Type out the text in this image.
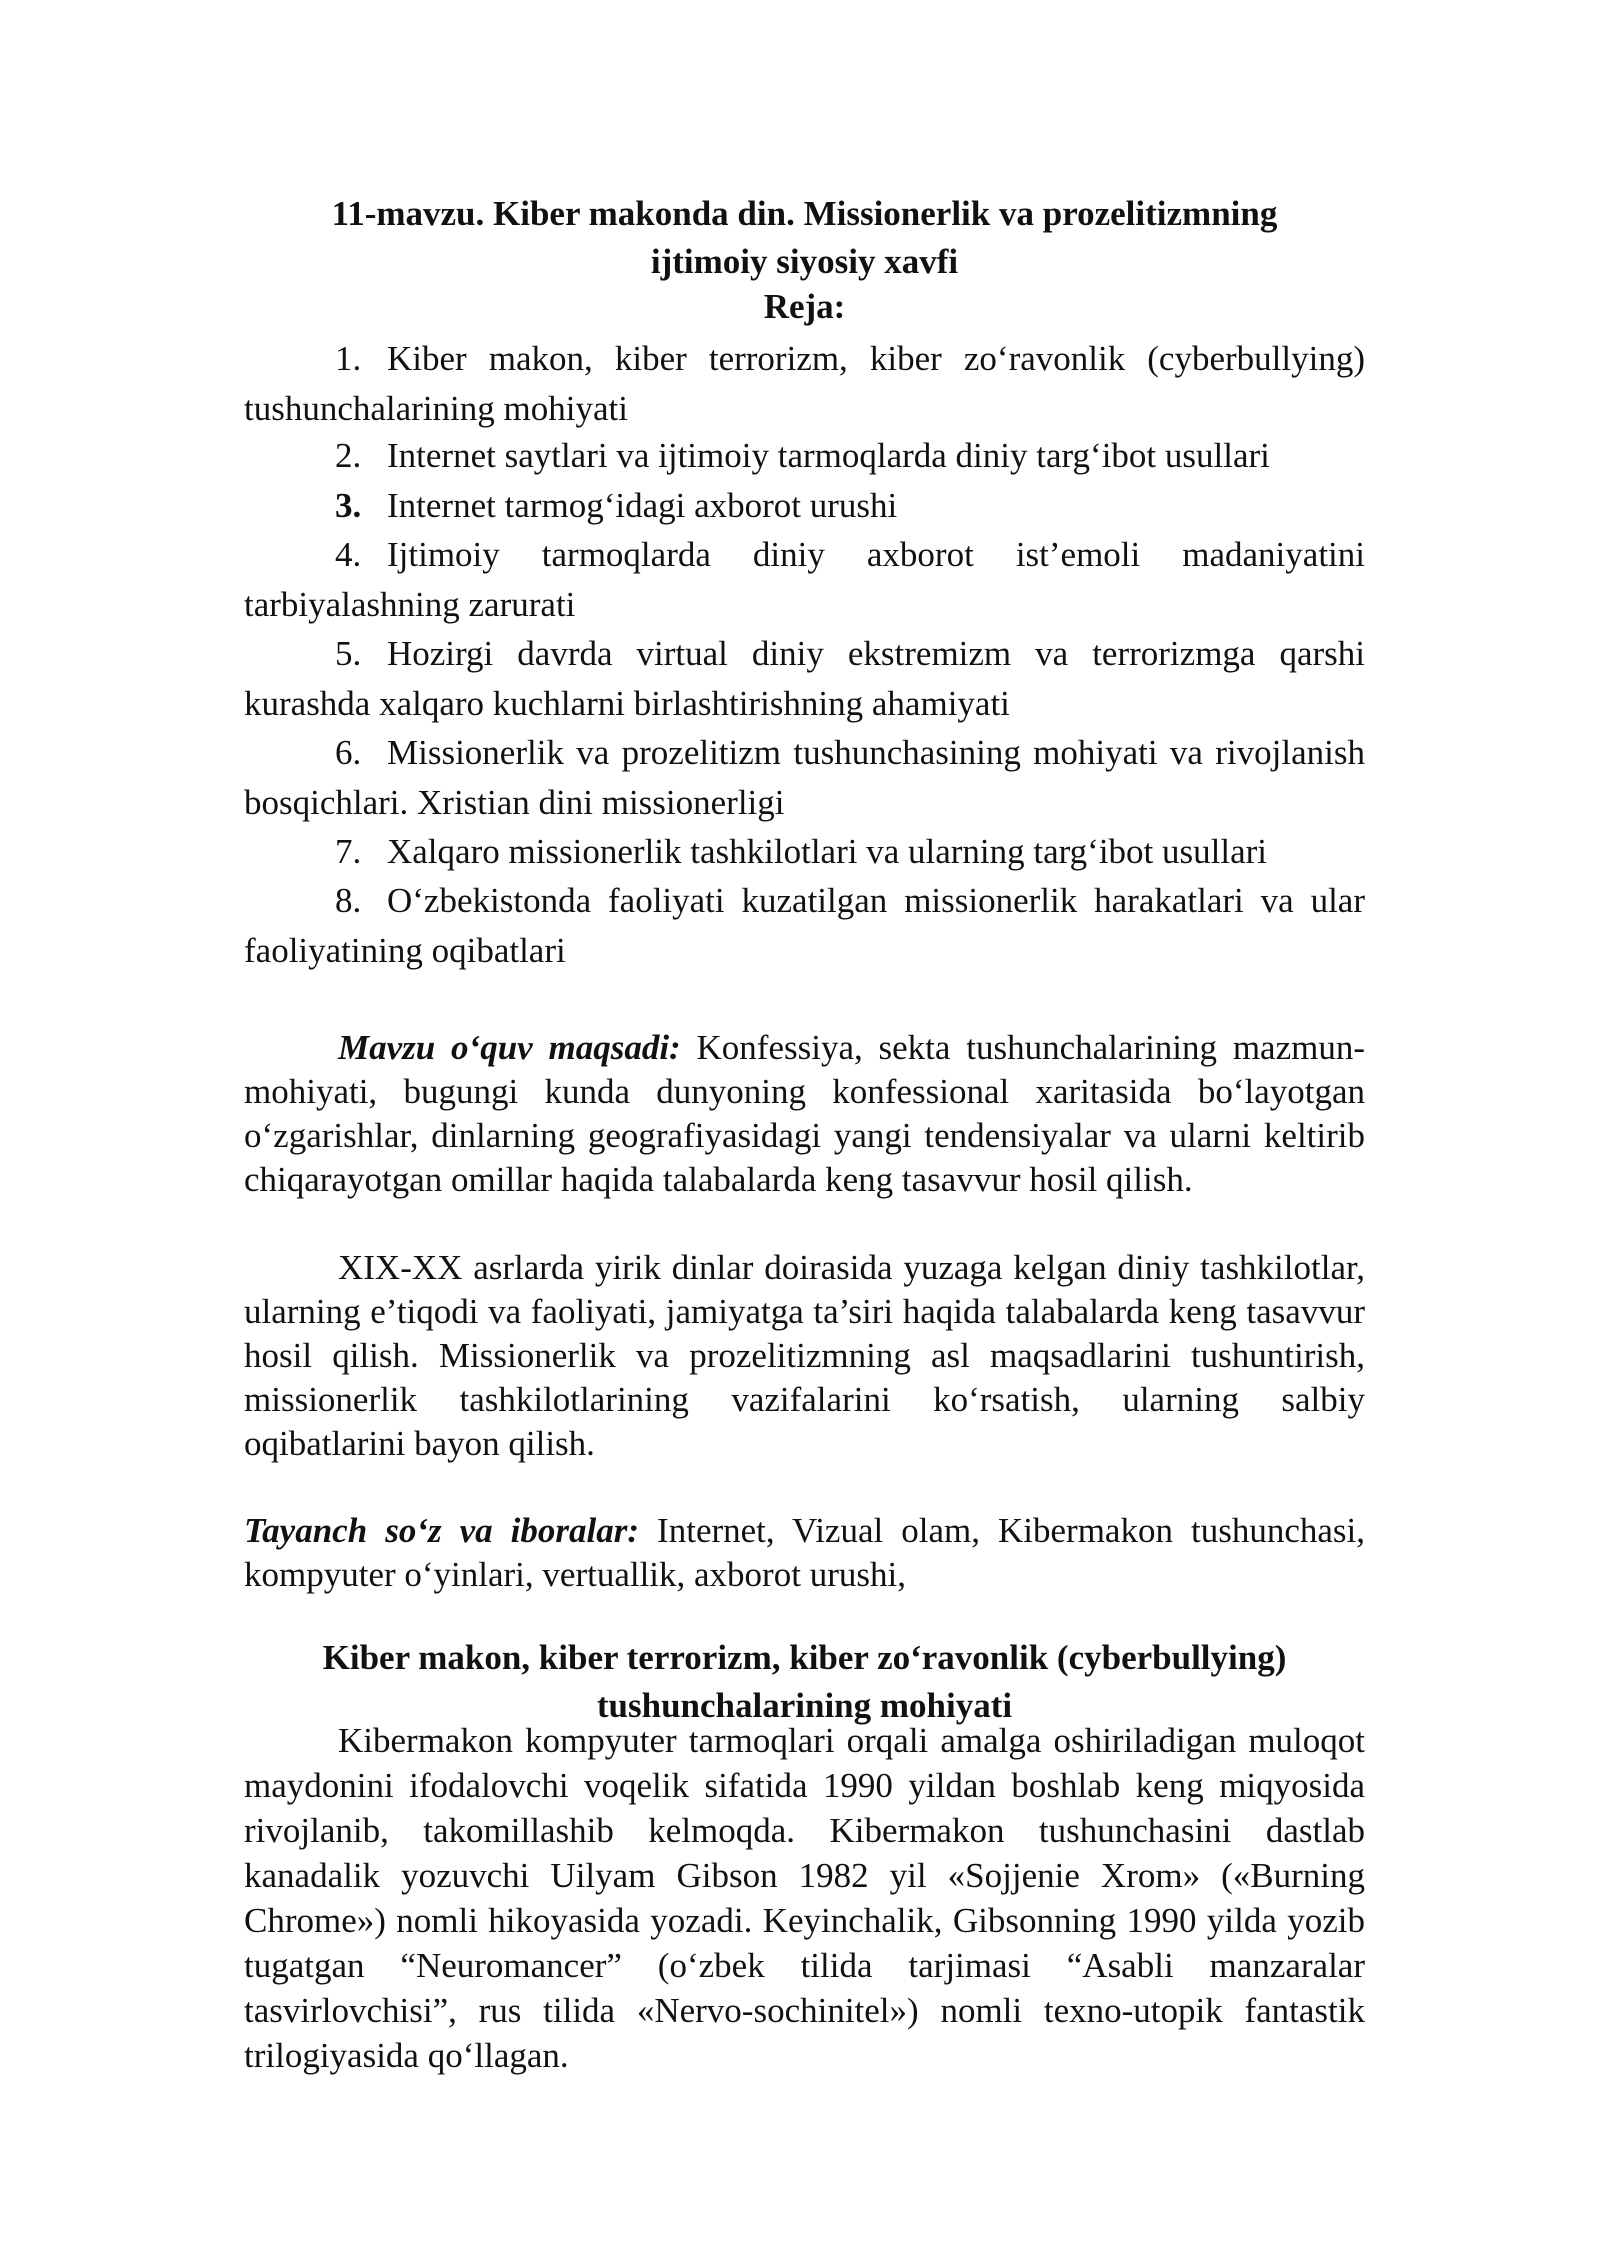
11-mavzu. Kiber makonda din. Missionerlik va prozelitizmning
ijtimoiy siyosiy xavfi
Reja:
1. Kiber makon, kiber terrorizm, kiber zo‘ravonlik (cyberbullying) tushunchalarining mohiyati
2. Internet saytlari va ijtimoiy tarmoqlarda diniy targ‘ibot usullari
3. Internet tarmog‘idagi axborot urushi
4. Ijtimoiy tarmoqlarda diniy axborot ist’emoli madaniyatini tarbiyalashning zarurati
5. Hozirgi davrda virtual diniy ekstremizm va terrorizmga qarshi kurashda xalqaro kuchlarni birlashtirishning ahamiyati
6. Missionerlik va prozelitizm tushunchasining mohiyati va rivojlanish bosqichlari. Xristian dini missionerligi
7. Xalqaro missionerlik tashkilotlari va ularning targ‘ibot usullari
8. O‘zbekistonda faoliyati kuzatilgan missionerlik harakatlari va ular faoliyatining oqibatlari

Mavzu o‘quv maqsadi: Konfessiya, sekta tushunchalarining mazmun-mohiyati, bugungi kunda dunyoning konfessional xaritasida bo‘layotgan o‘zgarishlar, dinlarning geografiyasidagi yangi tendensiyalar va ularni keltirib chiqarayotgan omillar haqida talabalarda keng tasavvur hosil qilish.

XIX-XX asrlarda yirik dinlar doirasida yuzaga kelgan diniy tashkilotlar, ularning e’tiqodi va faoliyati, jamiyatga ta’siri haqida talabalarda keng tasavvur hosil qilish. Missionerlik va prozelitizmning asl maqsadlarini tushuntirish, missionerlik tashkilotlarining vazifalarini ko‘rsatish, ularning salbiy oqibatlarini bayon qilish.

Tayanch so‘z va iboralar: Internet, Vizual olam, Kibermakon tushunchasi, kompyuter o‘yinlari, vertuallik, axborot urushi,

Kiber makon, kiber terrorizm, kiber zo‘ravonlik (cyberbullying)
tushunchalarining mohiyati

Kibermakon kompyuter tarmoqlari orqali amalga oshiriladigan muloqot maydonini ifodalovchi voqelik sifatida 1990 yildan boshlab keng miqyosida rivojlanib, takomillashib kelmoqda. Kibermakon tushunchasini dastlab kanadalik yozuvchi Uilyam Gibson 1982 yil «Sojjenie Xrom» («Burning Chrome») nomli hikoyasida yozadi. Keyinchalik, Gibsonning 1990 yilda yozib tugatgan “Neuromancer” (o‘zbek tilida tarjimasi “Asabli manzaralar tasvirlovchisi”, rus tilida «Nervo-sochinitel») nomli texno-utopik fantastik trilogiyasida qo‘llagan.
